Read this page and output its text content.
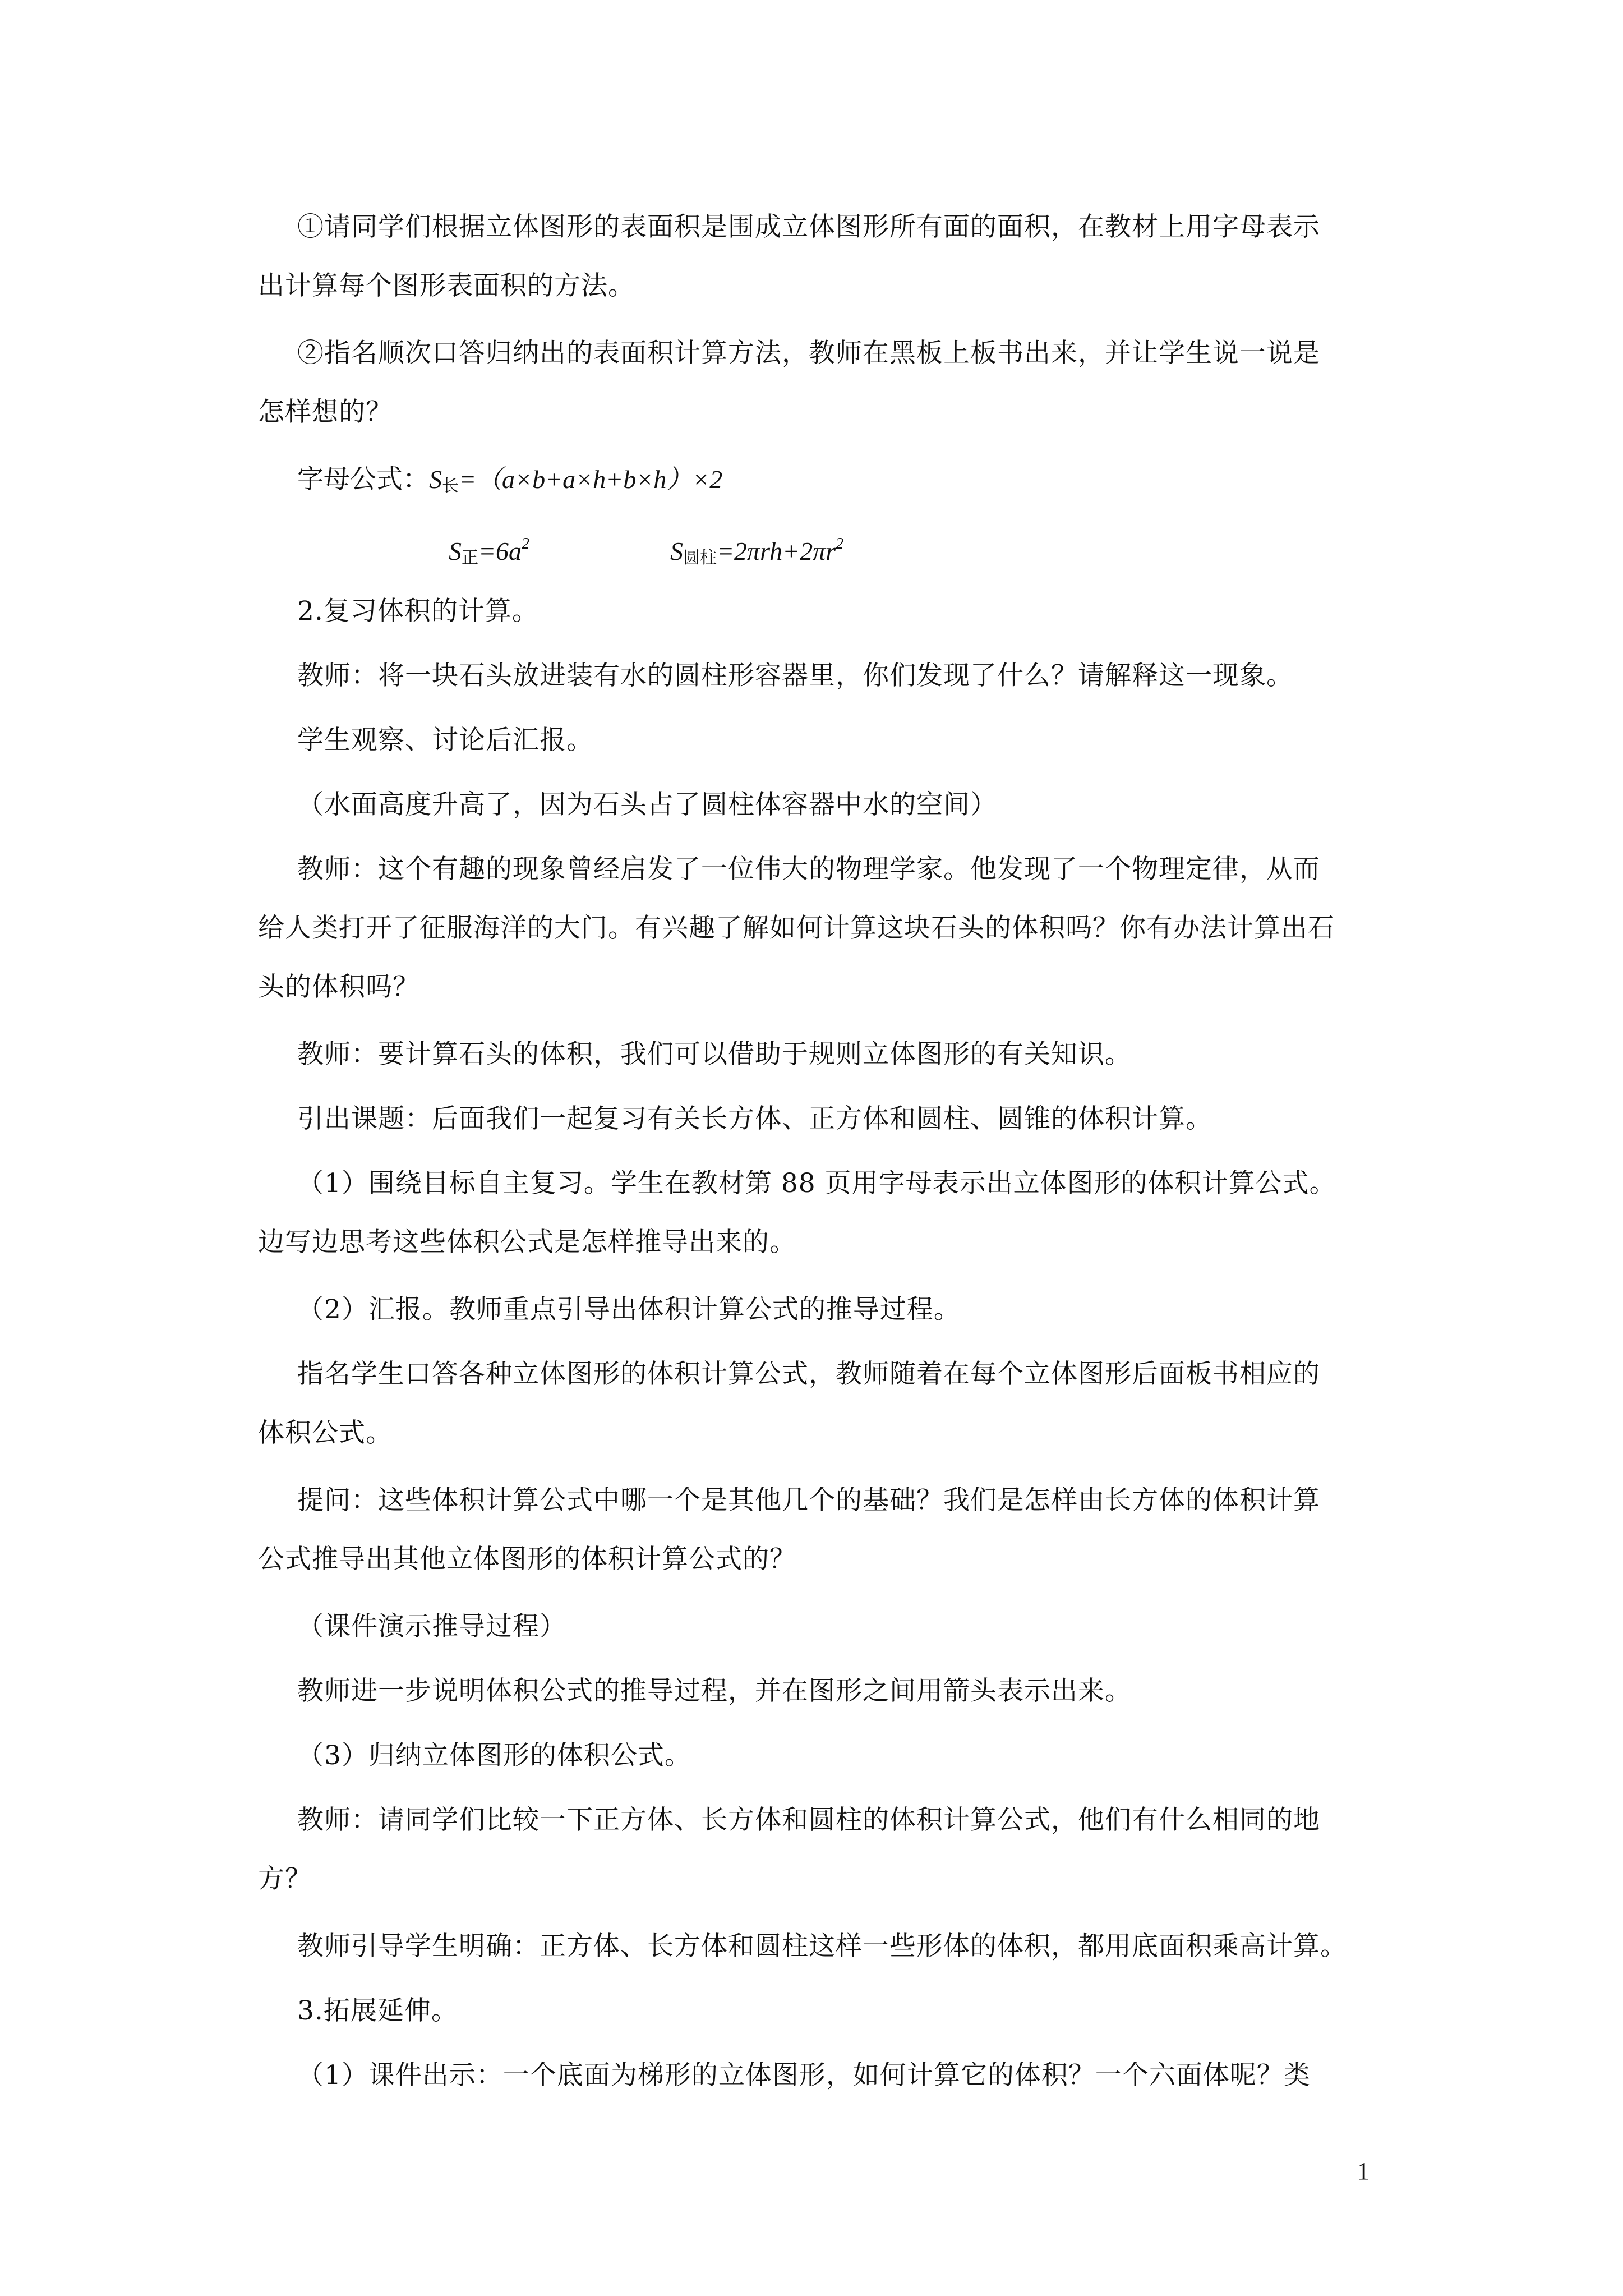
①请同学们根据立体图形的表面积是围成立体图形所有面的面积，在教材上用字母表示
出计算每个图形表面积的方法。
②指名顺次口答归纳出的表面积计算方法，教师在黑板上板书出来，并让学生说一说是
怎样想的？
字母公式：$S_长=(a\times b+a\times h+b\times h)\times 2$
$S_正=6a^2$	$S_{圆柱}=2\pi rh+2\pi r^2$
2.复习体积的计算。
教师：将一块石头放进装有水的圆柱形容器里，你们发现了什么？请解释这一现象。
学生观察、讨论后汇报。
（水面高度升高了，因为石头占了圆柱体容器中水的空间）
教师：这个有趣的现象曾经启发了一位伟大的物理学家。他发现了一个物理定律，从而
给人类打开了征服海洋的大门。有兴趣了解如何计算这块石头的体积吗？你有办法计算出石
头的体积吗？
教师：要计算石头的体积，我们可以借助于规则立体图形的有关知识。
引出课题：后面我们一起复习有关长方体、正方体和圆柱、圆锥的体积计算。
（1）围绕目标自主复习。学生在教材第 88 页用字母表示出立体图形的体积计算公式。
边写边思考这些体积公式是怎样推导出来的。
（2）汇报。教师重点引导出体积计算公式的推导过程。
指名学生口答各种立体图形的体积计算公式，教师随着在每个立体图形后面板书相应的
体积公式。
提问：这些体积计算公式中哪一个是其他几个的基础？我们是怎样由长方体的体积计算
公式推导出其他立体图形的体积计算公式的？
（课件演示推导过程）
教师进一步说明体积公式的推导过程，并在图形之间用箭头表示出来。
（3）归纳立体图形的体积公式。
教师：请同学们比较一下正方体、长方体和圆柱的体积计算公式，他们有什么相同的地
方？
教师引导学生明确：正方体、长方体和圆柱这样一些形体的体积，都用底面积乘高计算。
3.拓展延伸。
（1）课件出示：一个底面为梯形的立体图形，如何计算它的体积？一个六面体呢？类
1
